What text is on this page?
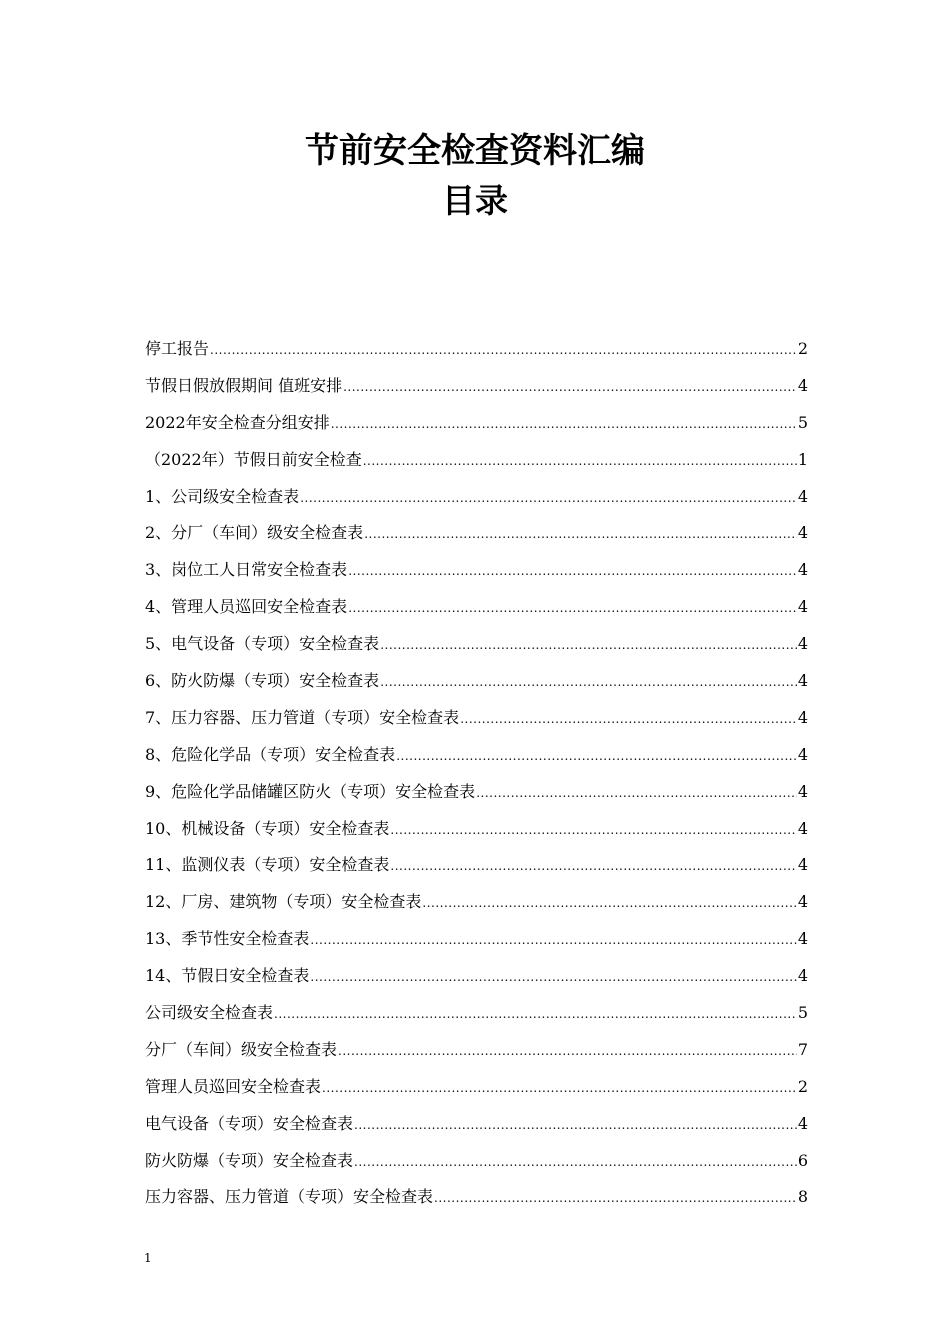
节前安全检查资料汇编
目录
停工报告 .....	2
节假日假放假期间 值班安排 .....	4
2022年安全检查分组安排 .....	5
（2022年）节假日前安全检查 .....	1
1、公司级安全检查表 .....	4
2、分厂（车间）级安全检查表 .....	4
3、岗位工人日常安全检查表 .....	4
4、管理人员巡回安全检查表 .....	4
5、电气设备（专项）安全检查表 .....	4
6、防火防爆（专项）安全检查表 .....	4
7、压力容器、压力管道（专项）安全检查表 .....	4
8、危险化学品（专项）安全检查表 .....	4
9、危险化学品储罐区防火（专项）安全检查表 .....	4
10、机械设备（专项）安全检查表 .....	4
11、监测仪表（专项）安全检查表 .....	4
12、厂房、建筑物（专项）安全检查表 .....	4
13、季节性安全检查表 .....	4
14、节假日安全检查表 .....	4
公司级安全检查表 .....	5
分厂（车间）级安全检查表 .....	7
管理人员巡回安全检查表 .....	2
电气设备（专项）安全检查表 .....	4
防火防爆（专项）安全检查表 .....	6
压力容器、压力管道（专项）安全检查表 .....	8
1
